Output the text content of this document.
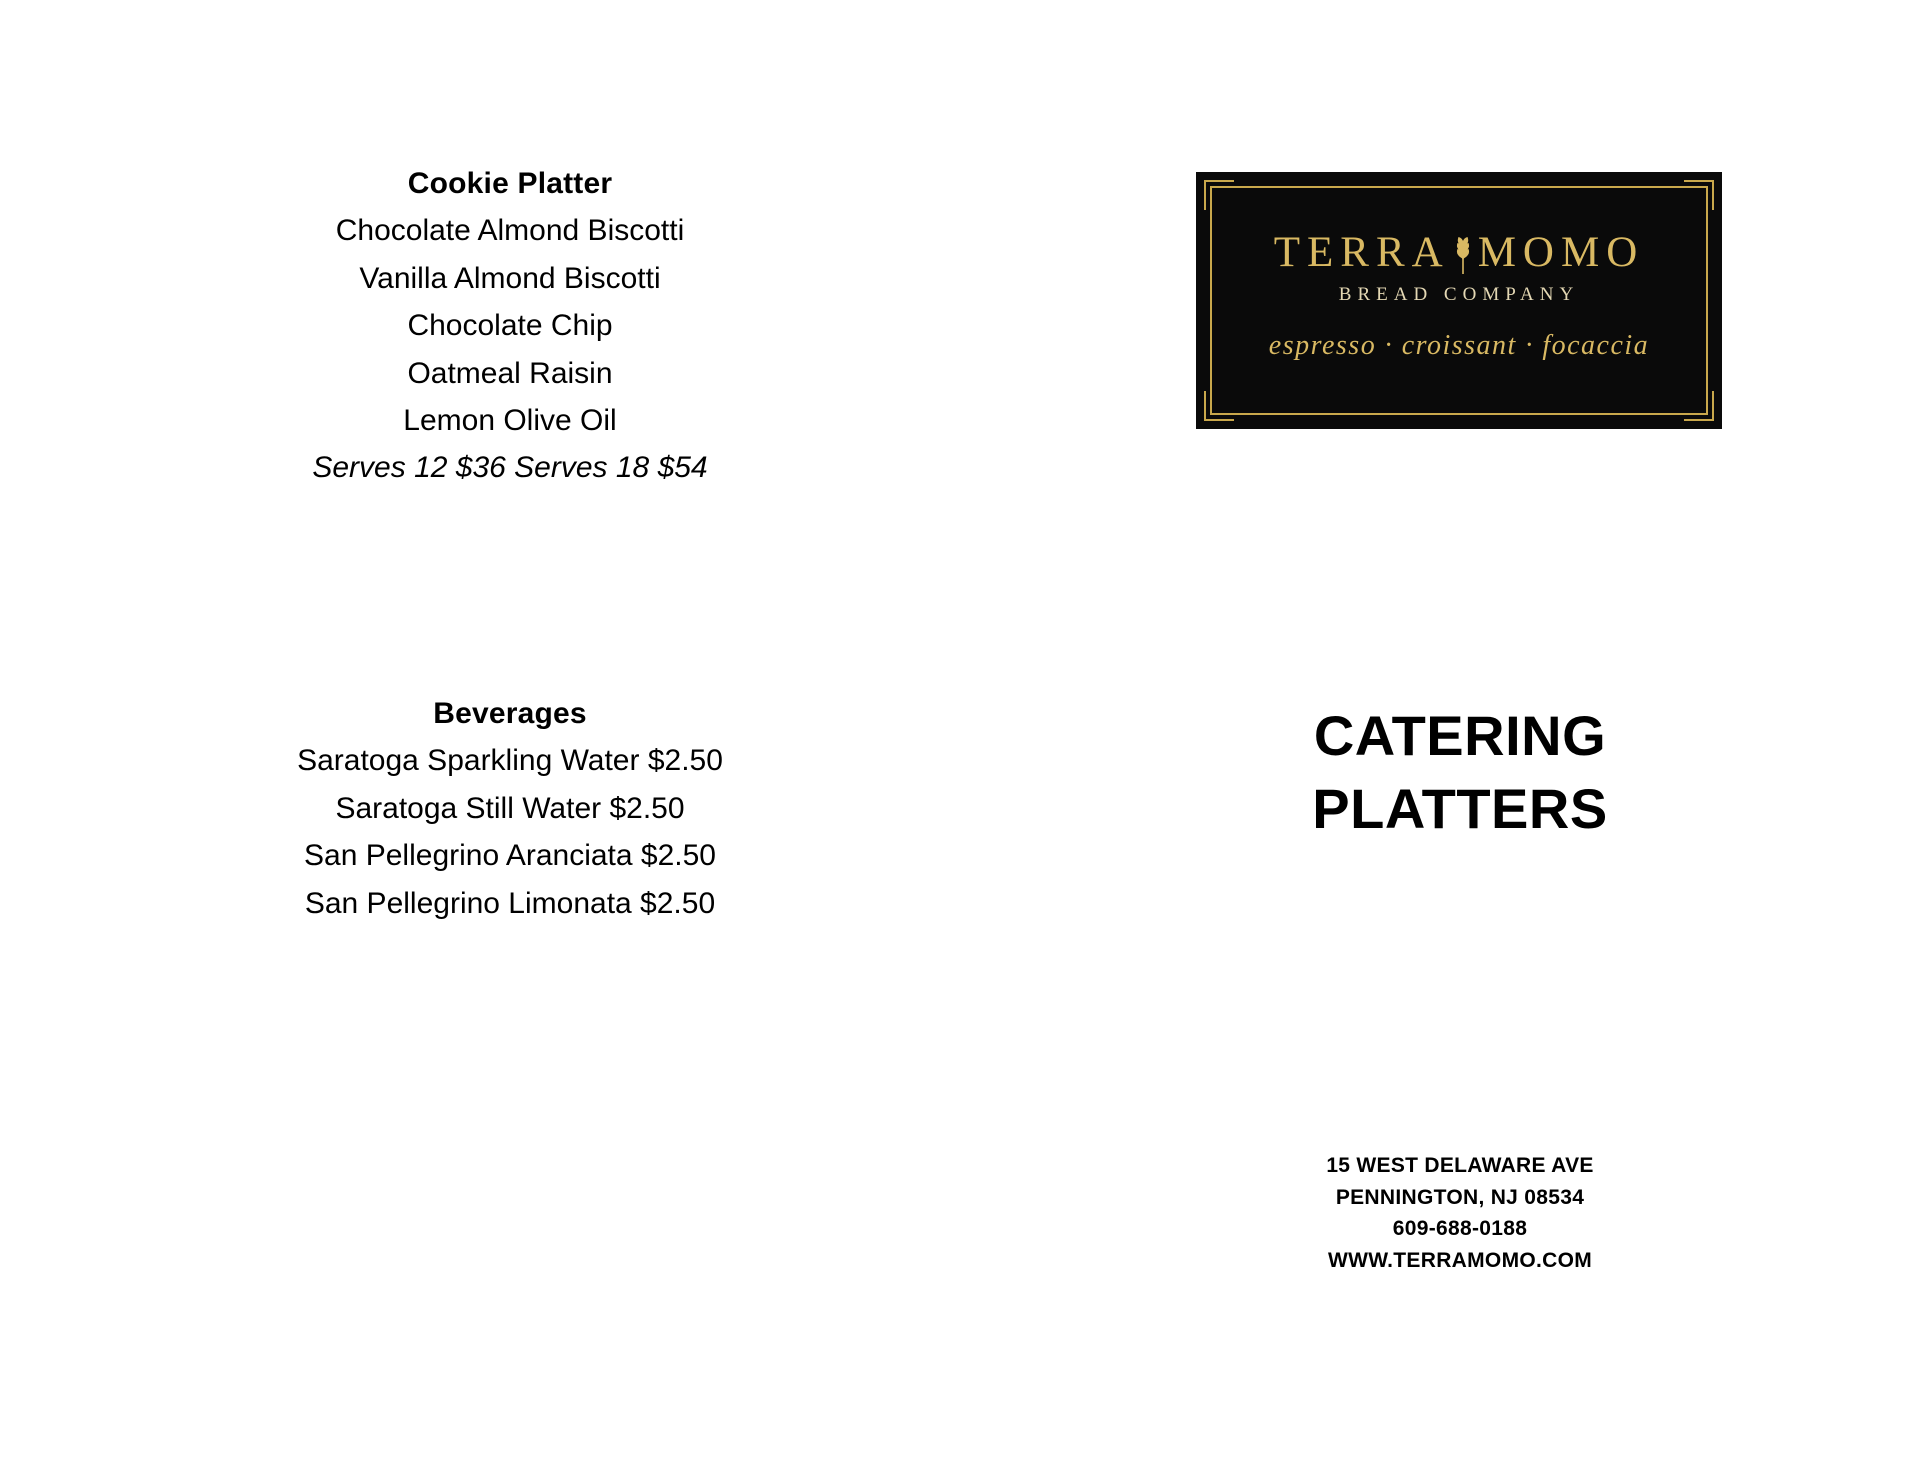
Cookie Platter
Chocolate Almond Biscotti
Vanilla Almond Biscotti
Chocolate Chip
Oatmeal Raisin
Lemon Olive Oil
Serves 12 $36 Serves 18 $54
Beverages
Saratoga Sparkling Water $2.50
Saratoga Still Water $2.50
San Pellegrino Aranciata $2.50
San Pellegrino Limonata $2.50
TERRA MOMO
BREAD COMPANY
espresso · croissant · focaccia
CATERING
PLATTERS
15 WEST DELAWARE AVE
PENNINGTON, NJ 08534
609-688-0188
WWW.TERRAMOMO.COM
